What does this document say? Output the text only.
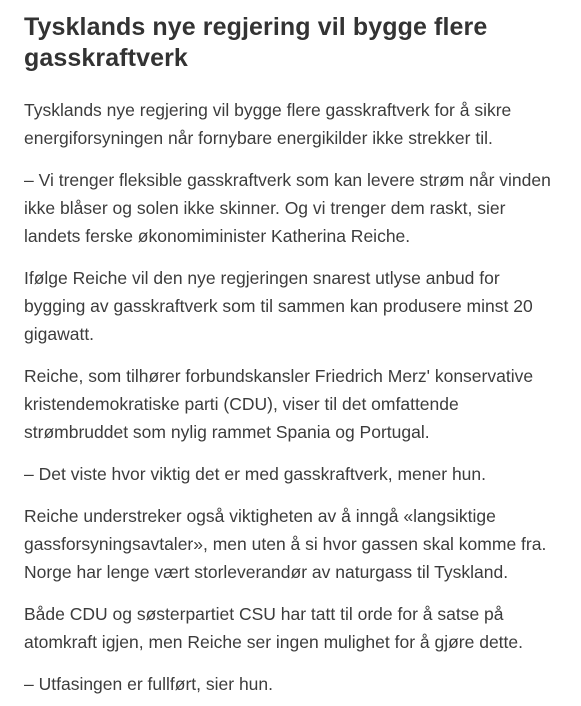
Tysklands nye regjering vil bygge flere gasskraftverk

Tysklands nye regjering vil bygge flere gasskraftverk for å sikre energiforsyningen når fornybare energikilder ikke strekker til.

– Vi trenger fleksible gasskraftverk som kan levere strøm når vinden ikke blåser og solen ikke skinner. Og vi trenger dem raskt, sier landets ferske økonomiminister Katherina Reiche.

Ifølge Reiche vil den nye regjeringen snarest utlyse anbud for bygging av gasskraftverk som til sammen kan produsere minst 20 gigawatt.

Reiche, som tilhører forbundskansler Friedrich Merz' konservative kristendemokratiske parti (CDU), viser til det omfattende strømbruddet som nylig rammet Spania og Portugal.

– Det viste hvor viktig det er med gasskraftverk, mener hun.

Reiche understreker også viktigheten av å inngå «langsiktige gassforsyningsavtaler», men uten å si hvor gassen skal komme fra. Norge har lenge vært storleverandør av naturgass til Tyskland.

Både CDU og søsterpartiet CSU har tatt til orde for å satse på atomkraft igjen, men Reiche ser ingen mulighet for å gjøre dette.

– Utfasingen er fullført, sier hun.
